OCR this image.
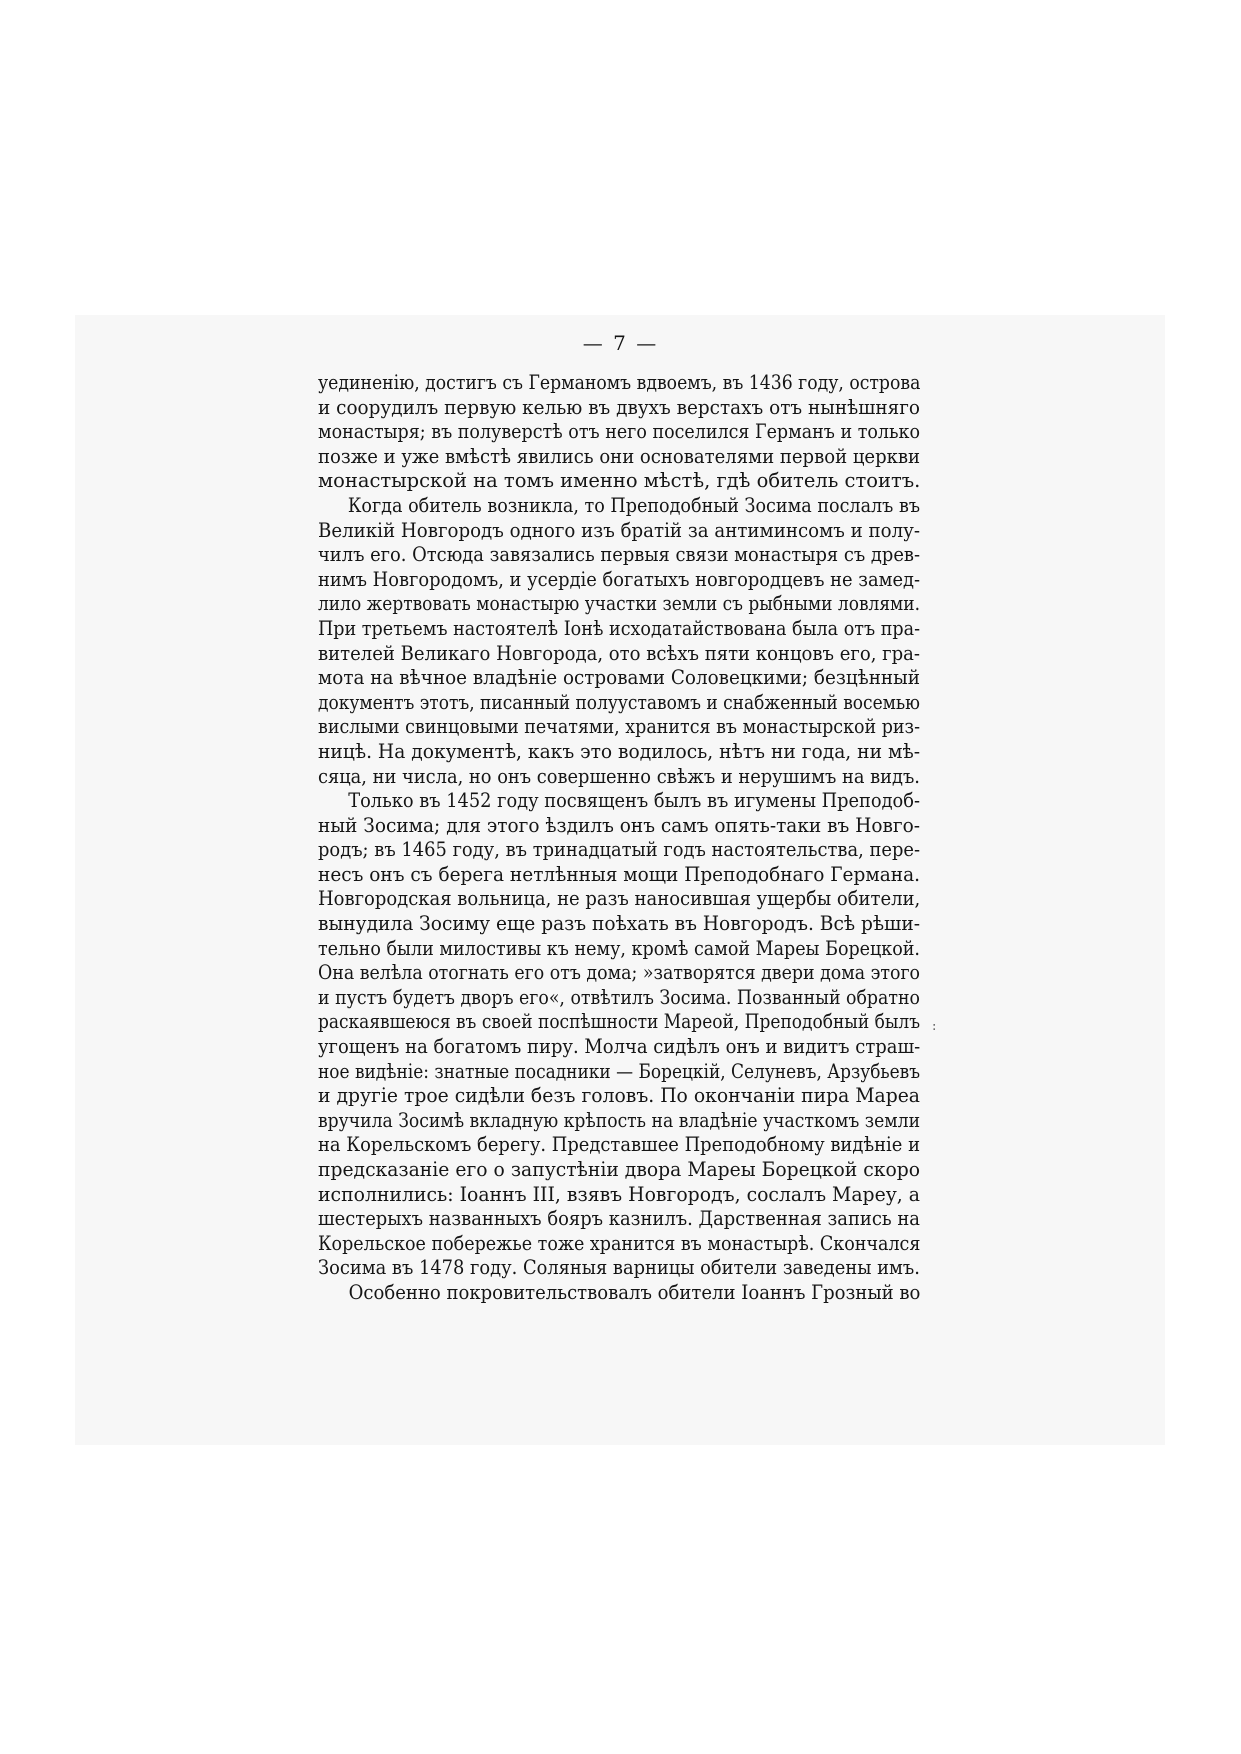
— 7 —
уединенію, достигъ съ Германомъ вдвоемъ, въ 1436 году, острова
и соорудилъ первую келью въ двухъ верстахъ отъ нынѣшняго
монастыря; въ полуверстѣ отъ него поселился Германъ и только
позже и уже вмѣстѣ явились они основателями первой церкви
монастырской на томъ именно мѣстѣ, гдѣ обитель стоитъ.
Когда обитель возникла, то Преподобный Зосима послалъ въ
Великій Новгородъ одного изъ братій за антиминсомъ и полу-
чилъ его. Отсюда завязались первыя связи монастыря съ древ-
нимъ Новгородомъ, и усердіе богатыхъ новгородцевъ не замед-
лило жертвовать монастырю участки земли съ рыбными ловлями.
При третьемъ настоятелѣ Іонѣ исходатайствована была отъ пра-
вителей Великаго Новгорода, ото всѣхъ пяти концовъ его, гра-
мота на вѣчное владѣніе островами Соловецкими; безцѣнный
документъ этотъ, писанный полууставомъ и снабженный восемью
вислыми свинцовыми печатями, хранится въ монастырской риз-
ницѣ. На документѣ, какъ это водилось, нѣтъ ни года, ни мѣ-
сяца, ни числа, но онъ совершенно свѣжъ и нерушимъ на видъ.
Только въ 1452 году посвященъ былъ въ игумены Преподоб-
ный Зосима; для этого ѣздилъ онъ самъ опять-таки въ Новго-
родъ; въ 1465 году, въ тринадцатый годъ настоятельства, пере-
несъ онъ съ берега нетлѣнныя мощи Преподобнаго Германа.
Новгородская вольница, не разъ наносившая ущербы обители,
вынудила Зосиму еще разъ поѣхать въ Новгородъ. Всѣ рѣши-
тельно были милостивы къ нему, кромѣ самой Мареы Борецкой.
Она велѣла отогнать его отъ дома; »затворятся двери дома этого
и пустъ будетъ дворъ его«, отвѣтилъ Зосима. Позванный обратно
раскаявшеюся въ своей поспѣшности Мареой, Преподобный былъ
угощенъ на богатомъ пиру. Молча сидѣлъ онъ и видитъ страш-
ное видѣніе: знатные посадники — Борецкій, Селуневъ, Арзубьевъ
и другіе трое сидѣли безъ головъ. По окончаніи пира Мареа
вручила Зосимѣ вкладную крѣпость на владѣніе участкомъ земли
на Корельскомъ берегу. Представшее Преподобному видѣніе и
предсказаніе его о запустѣніи двора Мареы Борецкой скоро
исполнились: Іоаннъ III, взявъ Новгородъ, сослалъ Мареу, а
шестерыхъ названныхъ бояръ казнилъ. Дарственная запись на
Корельское побережье тоже хранится въ монастырѣ. Скончался
Зосима въ 1478 году. Соляныя варницы обители заведены имъ.
Особенно покровительствовалъ обители Іоаннъ Грозный во
:
